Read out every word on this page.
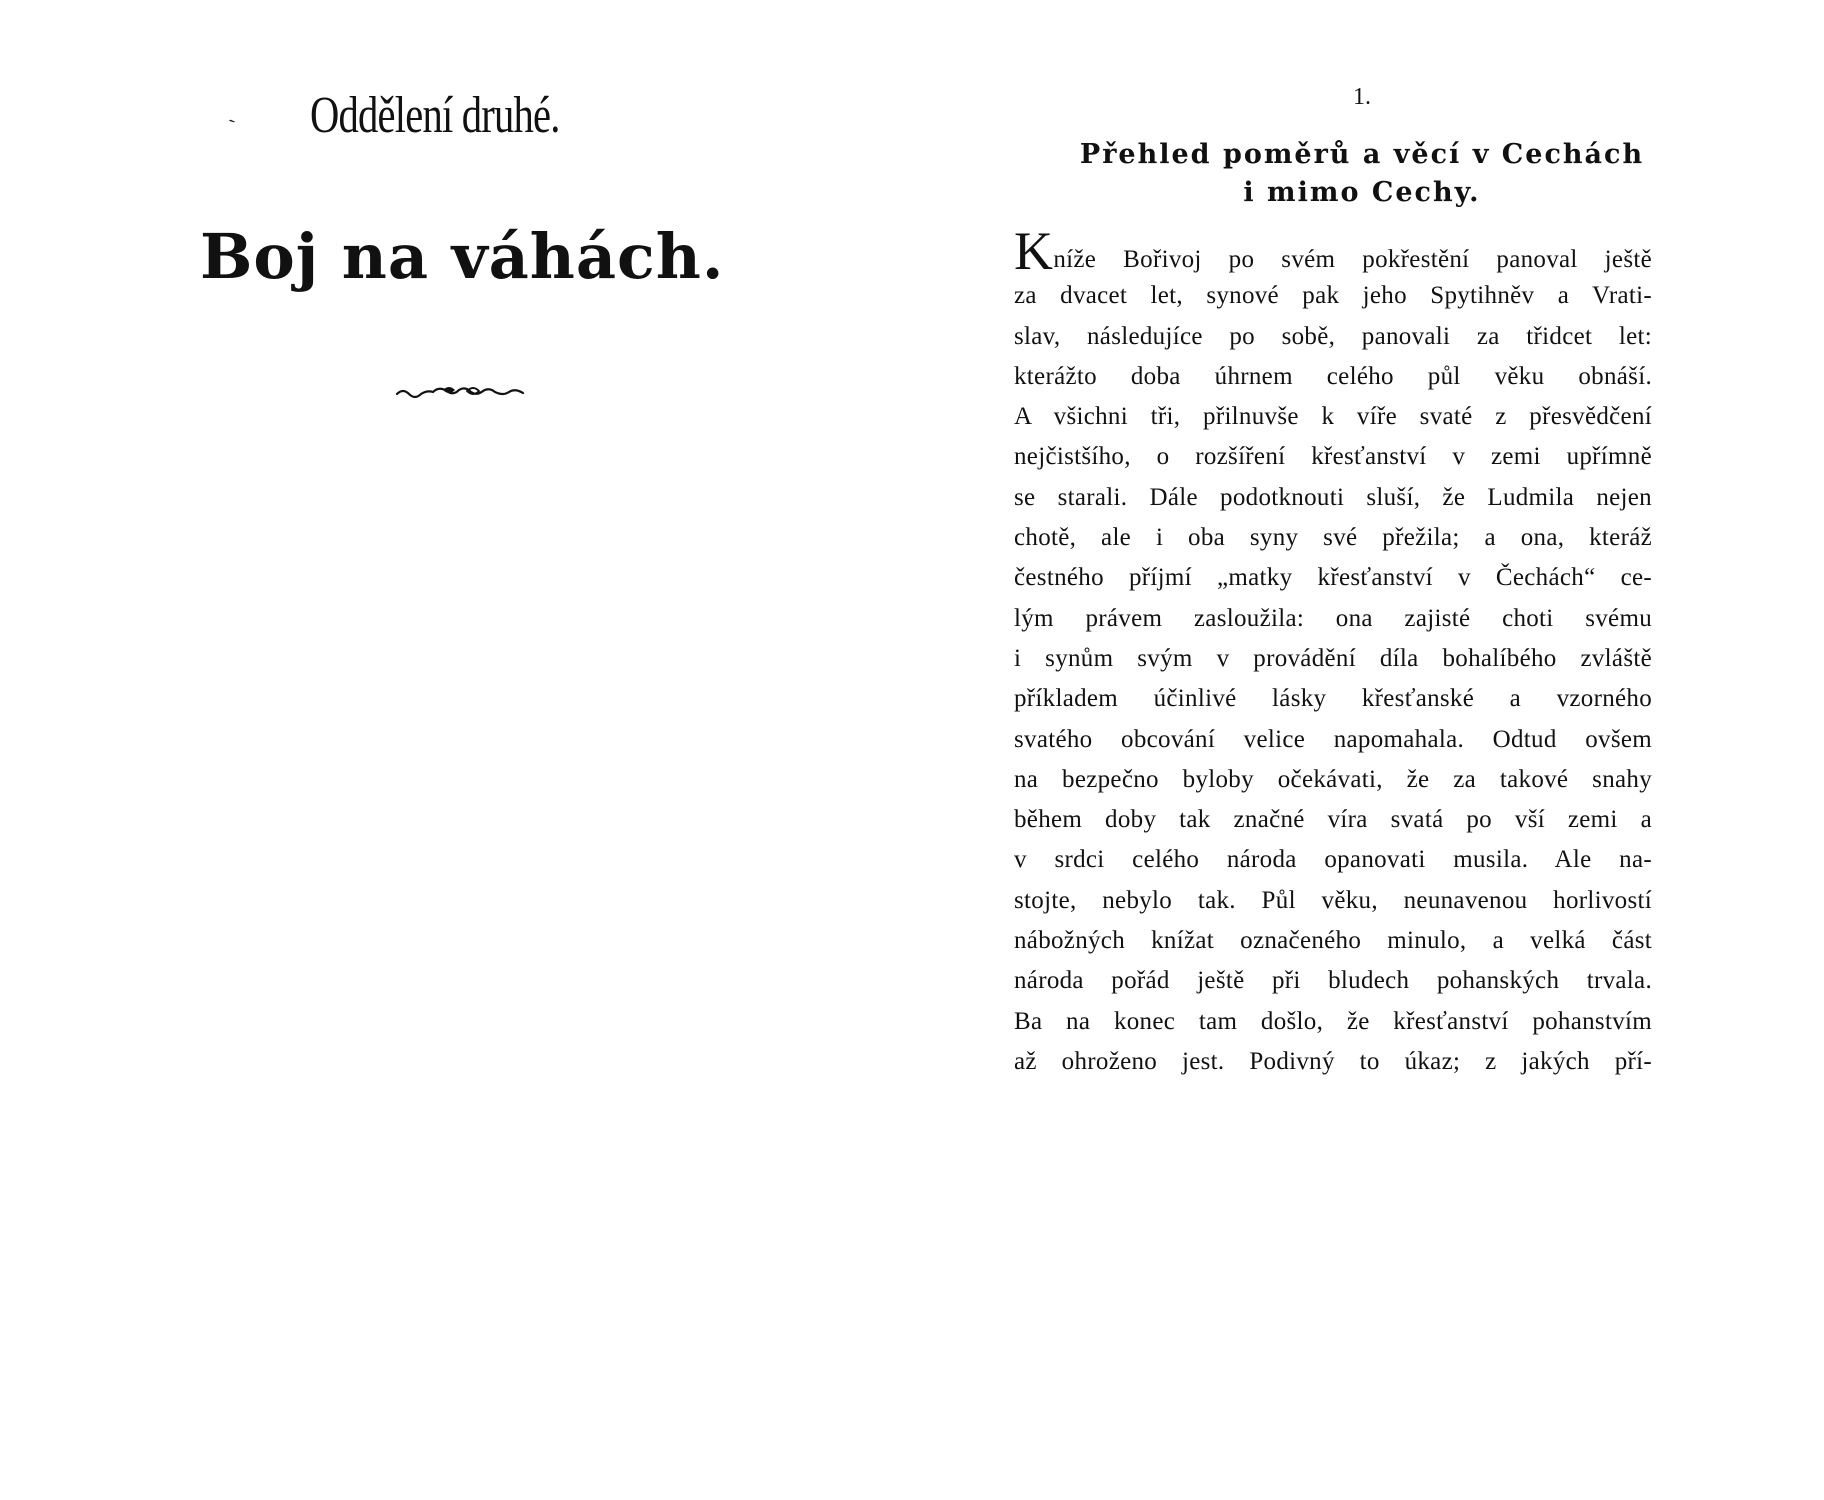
` Oddělení druhé.
Boj na váhách.
1.
Přehled poměrů a věcí v Cechách
i mimo Cechy.
Kníže Bořivoj po svém pokřestění panoval ještě
za dvacet let, synové pak jeho Spytihněv a Vrati-
slav, následujíce po sobě, panovali za třidcet let:
kterážto doba úhrnem celého půl věku obnáší.
A všichni tři, přilnuvše k víře svaté z přesvědčení
nejčistšího, o rozšíření křesťanství v zemi upřímně
se starali. Dále podotknouti sluší, že Ludmila nejen
chotě, ale i oba syny své přežila; a ona, kteráž
čestného příjmí „matky křesťanství v Čechách“ ce-
lým právem zasloužila: ona zajisté choti svému
i synům svým v provádění díla bohalíbého zvláště
příkladem účinlivé lásky křesťanské a vzorného
svatého obcování velice napomahala. Odtud ovšem
na bezpečno byloby očekávati, že za takové snahy
během doby tak značné víra svatá po vší zemi a
v srdci celého národa opanovati musila. Ale na-
stojte, nebylo tak. Půl věku, neunavenou horlivostí
nábožných knížat označeného minulo, a velká část
národa pořád ještě při bludech pohanských trvala.
Ba na konec tam došlo, že křesťanství pohanstvím
až ohroženo jest. Podivný to úkaz; z jakých pří-
